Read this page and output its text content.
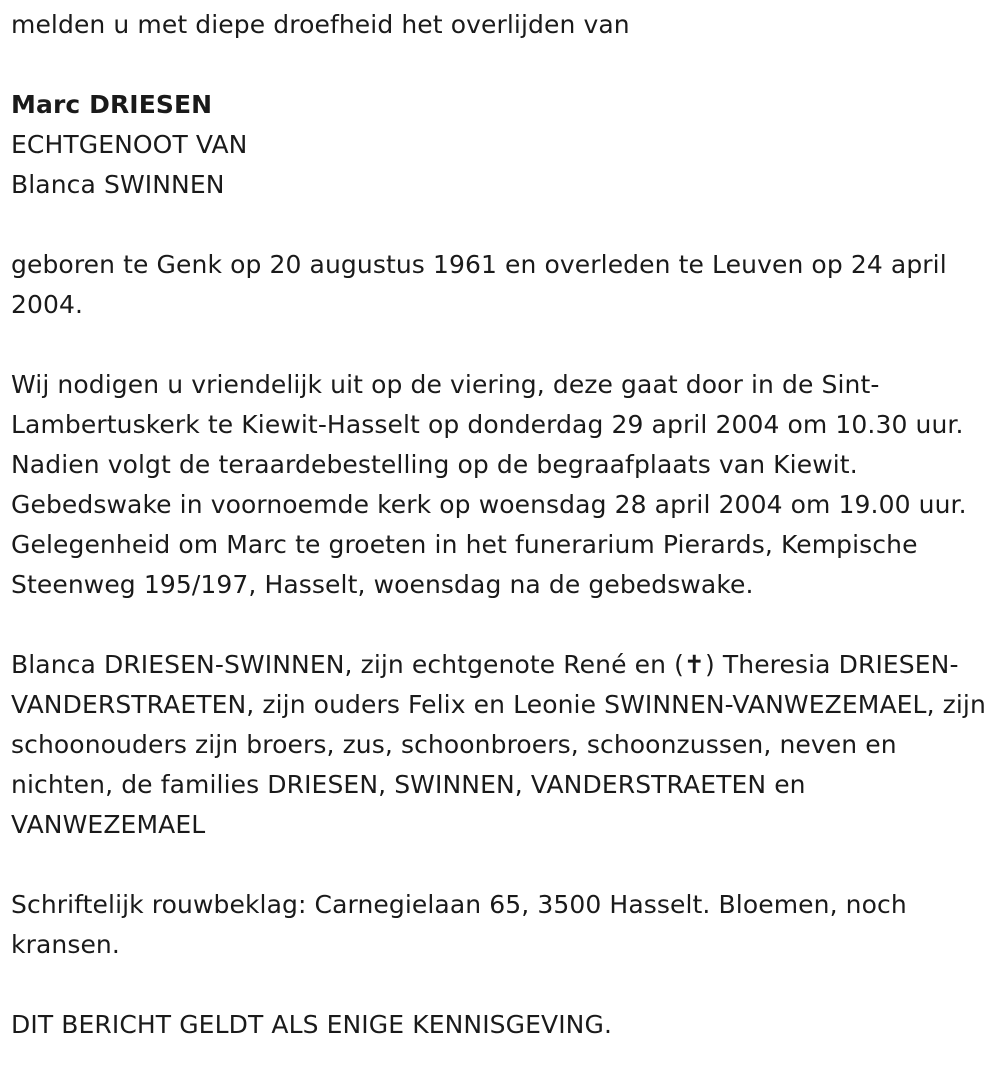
melden u met diepe droefheid het overlijden van
Marc DRIESEN
ECHTGENOOT VAN
Blanca SWINNEN
geboren te Genk op 20 augustus 1961 en overleden te Leuven op 24 april 2004.
Wij nodigen u vriendelijk uit op de viering, deze gaat door in de Sint-Lambertuskerk te Kiewit-Hasselt op donderdag 29 april 2004 om 10.30 uur. Nadien volgt de teraardebestelling op de begraafplaats van Kiewit. Gebedswake in voornoemde kerk op woensdag 28 april 2004 om 19.00 uur. Gelegenheid om Marc te groeten in het funerarium Pierards, Kempische Steenweg 195/197, Hasselt, woensdag na de gebedswake.
Blanca DRIESEN-SWINNEN, zijn echtgenote René en (✝) Theresia DRIESEN-VANDERSTRAETEN, zijn ouders Felix en Leonie SWINNEN-VANWEZEMAEL, zijn schoonouders zijn broers, zus, schoonbroers, schoonzussen, neven en nichten, de families DRIESEN, SWINNEN, VANDERSTRAETEN en VANWEZEMAEL
Schriftelijk rouwbeklag: Carnegielaan 65, 3500 Hasselt. Bloemen, noch kransen.
DIT BERICHT GELDT ALS ENIGE KENNISGEVING.
